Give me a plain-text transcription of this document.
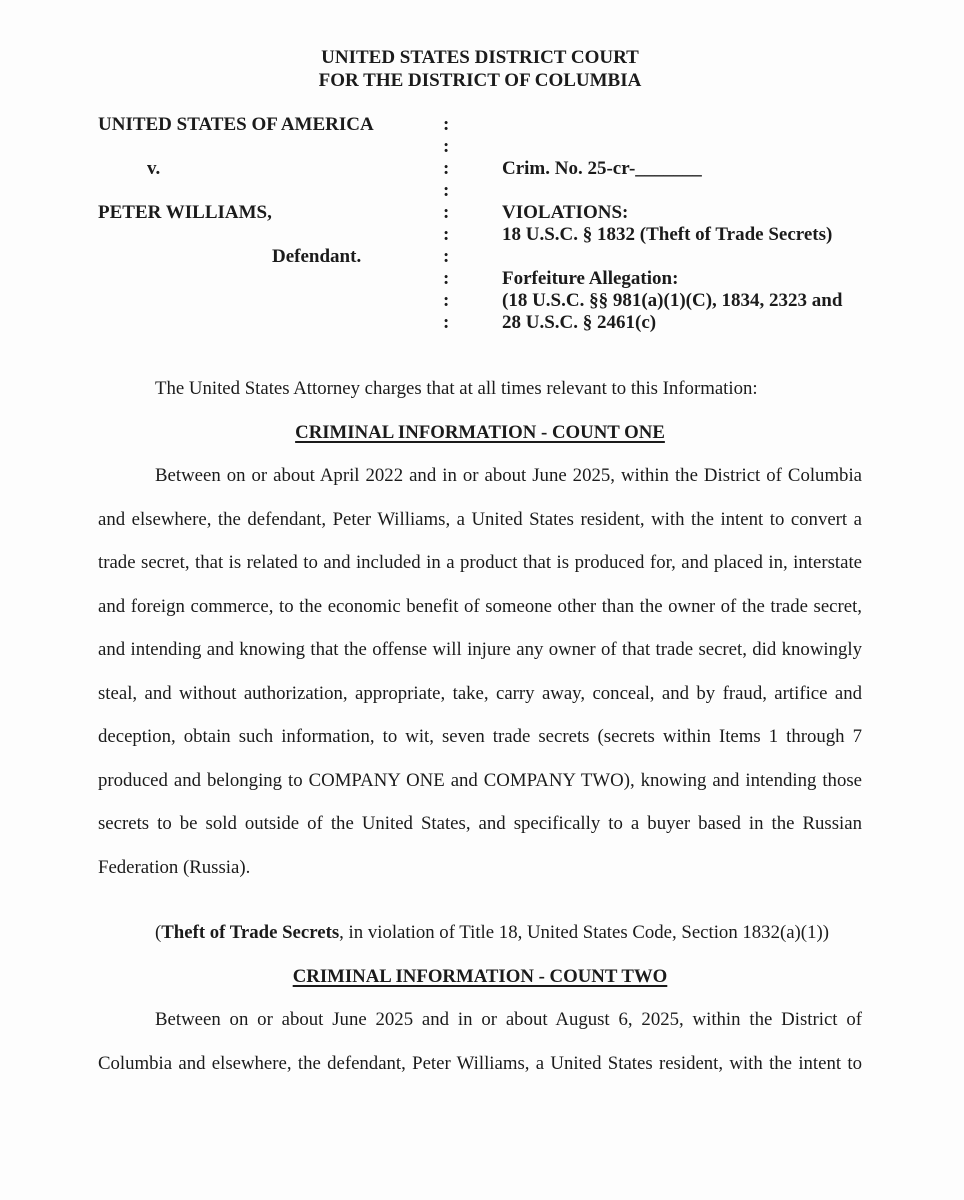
UNITED STATES DISTRICT COURT
FOR THE DISTRICT OF COLUMBIA
UNITED STATES OF AMERICA
v.
PETER WILLIAMS,
Defendant.
:
:
:
:
:
:
:
:
:
:
Crim. No. 25-cr-_______
VIOLATIONS:
18 U.S.C. § 1832 (Theft of Trade Secrets)
Forfeiture Allegation:
(18 U.S.C. §§ 981(a)(1)(C), 1834, 2323 and
28 U.S.C. § 2461(c)
The United States Attorney charges that at all times relevant to this Information:
CRIMINAL INFORMATION - COUNT ONE
Between on or about April 2022 and in or about June 2025, within the District of Columbia
and elsewhere, the defendant, Peter Williams, a United States resident, with the intent to convert a
trade secret, that is related to and included in a product that is produced for, and placed in, interstate
and foreign commerce, to the economic benefit of someone other than the owner of the trade secret,
and intending and knowing that the offense will injure any owner of that trade secret, did knowingly
steal, and without authorization, appropriate, take, carry away, conceal, and by fraud, artifice and
deception, obtain such information, to wit, seven trade secrets (secrets within Items 1 through 7
produced and belonging to COMPANY ONE and COMPANY TWO), knowing and intending those
secrets to be sold outside of the United States, and specifically to a buyer based in the Russian
Federation (Russia).
(Theft of Trade Secrets, in violation of Title 18, United States Code, Section 1832(a)(1))
CRIMINAL INFORMATION - COUNT TWO
Between on or about June 2025 and in or about August 6, 2025, within the District of
Columbia and elsewhere, the defendant, Peter Williams, a United States resident, with the intent to
